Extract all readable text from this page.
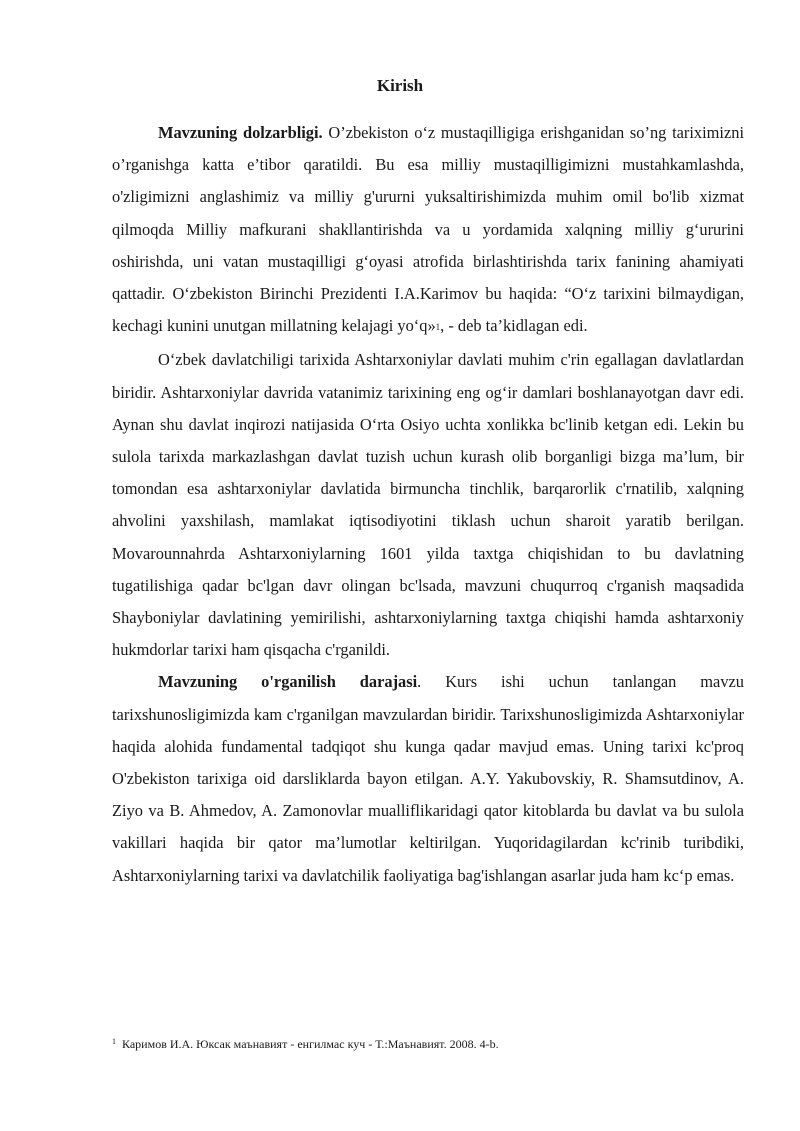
Kirish

Mavzuning dolzarbligi. O’zbekiston o‘z mustaqilligiga erishganidan so’ng tariximizni o’rganishga katta e’tibor qaratildi. Bu esa milliy mustaqilligimizni mustahkamlashda, o'zligimizni anglashimiz va milliy g'ururni yuksaltirishimizda muhim omil bo'lib xizmat qilmoqda Milliy mafkurani shakllantirishda va u yordamida xalqning milliy g‘ururini oshirishda, uni vatan mustaqilligi g‘oyasi atrofida birlashtirishda tarix fanining ahamiyati qattadir. O‘zbekiston Birinchi Prezidenti I.A.Karimov bu haqida: “O‘z tarixini bilmaydigan, kechagi kunini unutgan millatning kelajagi yo‘q»$^1$, - deb ta’kidlagan edi.

O‘zbek davlatchiligi tarixida Ashtarxoniylar davlati muhim c'rin egallagan davlatlardan biridir. Ashtarxoniylar davrida vatanimiz tarixining eng og‘ir damlari boshlanayotgan davr edi. Aynan shu davlat inqirozi natijasida O‘rta Osiyo uchta xonlikka bc'linib ketgan edi. Lekin bu sulola tarixda markazlashgan davlat tuzish uchun kurash olib borganligi bizga ma’lum, bir tomondan esa ashtarxoniylar davlatida birmuncha tinchlik, barqarorlik c'rnatilib, xalqning ahvolini yaxshilash, mamlakat iqtisodiyotini tiklash uchun sharoit yaratib berilgan. Movarounnahrda Ashtarxoniylarning 1601 yilda taxtga chiqishidan to bu davlatning tugatilishiga qadar bc'lgan davr olingan bc'lsada, mavzuni chuqurroq c'rganish maqsadida Shayboniylar davlatining yemirilishi, ashtarxoniylarning taxtga chiqishi hamda ashtarxoniy hukmdorlar tarixi ham qisqacha c'rganildi.

Mavzuning o'rganilish darajasi. Kurs ishi uchun tanlangan mavzu tarixshunosligimizda kam c'rganilgan mavzulardan biridir. Tarixshunosligimizda Ashtarxoniylar haqida alohida fundamental tadqiqot shu kunga qadar mavjud emas. Uning tarixi kc'proq O'zbekiston tarixiga oid darsliklarda bayon etilgan. A.Y. Yakubovskiy, R. Shamsutdinov, A. Ziyo va B. Ahmedov, A. Zamonovlar mualliflikaridagi qator kitoblarda bu davlat va bu sulola vakillari haqida bir qator ma’lumotlar keltirilgan. Yuqoridagilardan kc'rinib turibdiki, Ashtarxoniylarning tarixi va davlatchilik faoliyatiga bag'ishlangan asarlar juda ham kc‘p emas.

$^1$ Каримов И.А. Юксак маънавият - енгилмас куч - Т.:Маънавият. 2008. 4-b.
